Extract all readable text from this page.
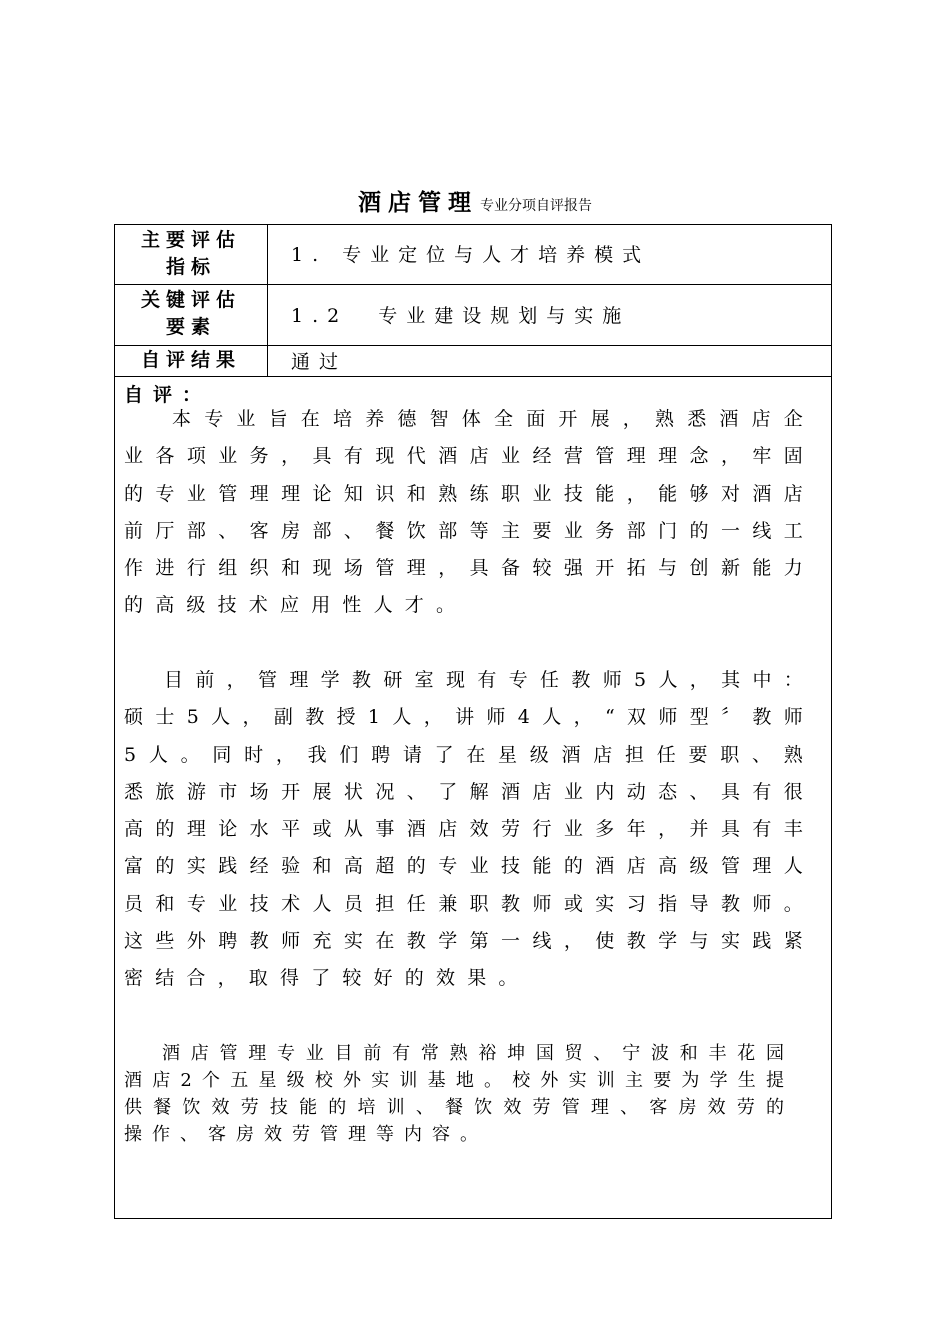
酒店管理 专业分项自评报告
主要评估
指标
1. 专业定位与人才培养模式
关键评估
要素	1.2  专业建设规划与实施
自评结果	通过
自评：

本专业旨在培养德智体全面开展，熟悉酒店企业各项业务，具有现代酒店业经营管理理念，牢固的专业管理理论知识和熟练职业技能，能够对酒店前厅部、客房部、餐饮部等主要业务部门的一线工作进行组织和现场管理，具备较强开拓与创新能力的高级技术应用性人才。

目前，管理学教研室现有专任教师5人，其中：硕士5人，副教授1人，讲师4人，“双师型〞教师5人。同时，我们聘请了在星级酒店担任要职、熟悉旅游市场开展状况、了解酒店业内动态、具有很高的理论水平或从事酒店效劳行业多年，并具有丰富的实践经验和高超的专业技能的酒店高级管理人员和专业技术人员担任兼职教师或实习指导教师。这些外聘教师充实在教学第一线，使教学与实践紧密结合，取得了较好的效果。

酒店管理专业目前有常熟裕坤国贸、宁波和丰花园酒店2个五星级校外实训基地。校外实训主要为学生提供餐饮效劳技能的培训、餐饮效劳管理、客房效劳的操作、客房效劳管理等内容。
